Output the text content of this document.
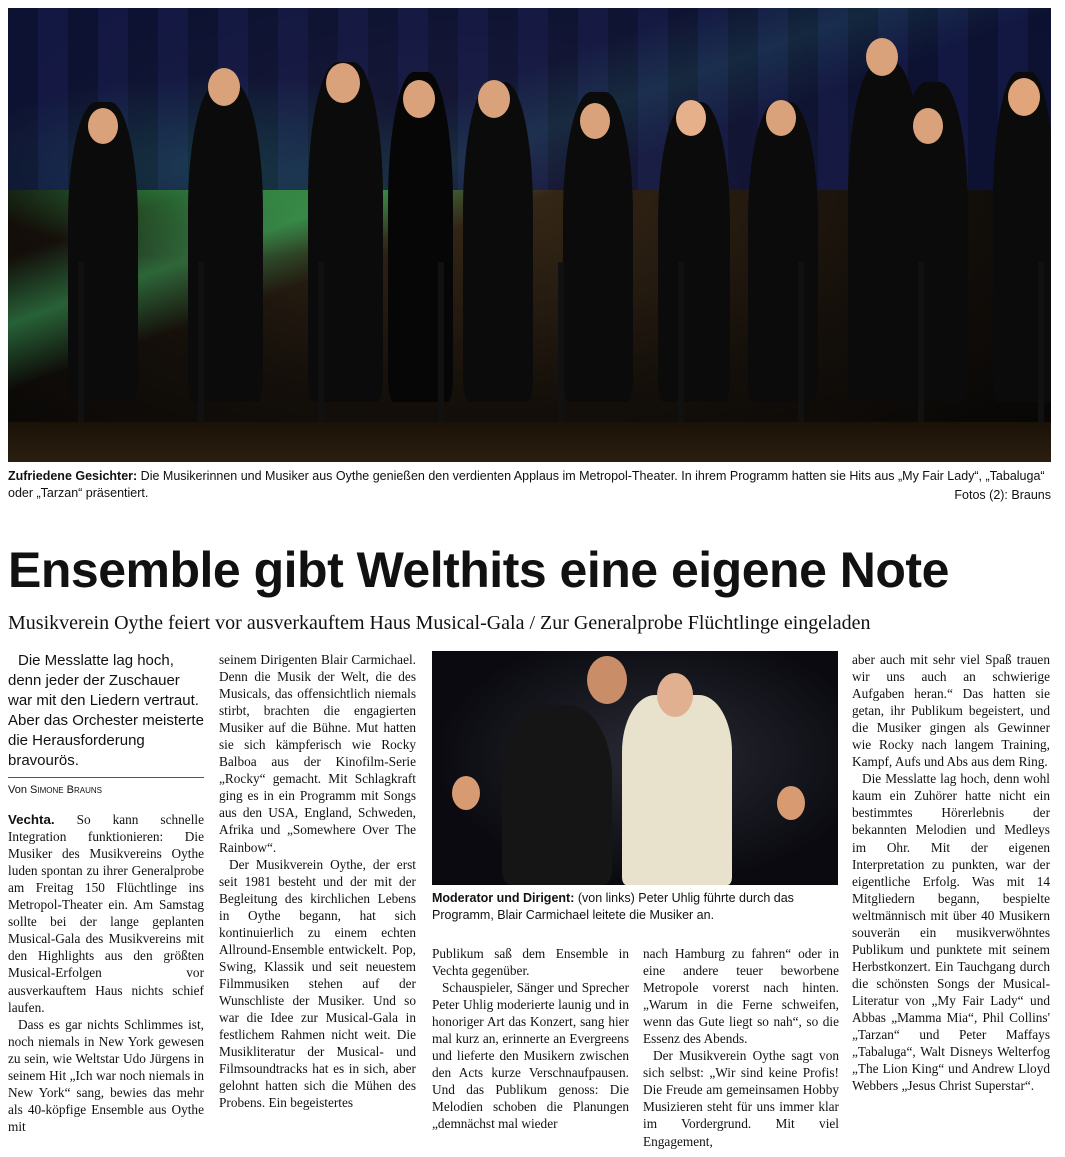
Zufriedene Gesichter: Die Musikerinnen und Musiker aus Oythe genießen den verdienten Applaus im Metropol-Theater. In ihrem Programm hatten sie Hits aus „My Fair Lady“, „Tabaluga“ oder „Tarzan“ präsentiert.	Fotos (2): Brauns
Ensemble gibt Welthits eine eigene Note
Musikverein Oythe feiert vor ausverkauftem Haus Musical-Gala / Zur Generalprobe Flüchtlinge eingeladen

Die Messlatte lag hoch, denn jeder der Zuschauer war mit den Liedern vertraut. Aber das Orchester meisterte die Herausforderung bravourös.

Von Simone Brauns

Vechta. So kann schnelle Integration funktionieren: Die Musiker des Musikvereins Oythe luden spontan zu ihrer Generalprobe am Freitag 150 Flüchtlinge ins Metropol-Theater ein. Am Samstag sollte bei der lange geplanten Musical-Gala des Musikvereins mit den Highlights aus den größten Musical-Erfolgen vor ausverkauftem Haus nichts schief laufen.

Dass es gar nichts Schlimmes ist, noch niemals in New York gewesen zu sein, wie Weltstar Udo Jürgens in seinem Hit „Ich war noch niemals in New York“ sang, bewies das mehr als 40-köpfige Ensemble aus Oythe mit

seinem Dirigenten Blair Carmichael. Denn die Musik der Welt, die des Musicals, das offensichtlich niemals stirbt, brachten die engagierten Musiker auf die Bühne. Mut hatten sie sich kämpferisch wie Rocky Balboa aus der Kinofilm-Serie „Rocky“ gemacht. Mit Schlagkraft ging es in ein Programm mit Songs aus den USA, England, Schweden, Afrika und „Somewhere Over The Rainbow“.

Der Musikverein Oythe, der erst seit 1981 besteht und der mit der Begleitung des kirchlichen Lebens in Oythe begann, hat sich kontinuierlich zu einem echten Allround-Ensemble entwickelt. Pop, Swing, Klassik und seit neuestem Filmmusiken stehen auf der Wunschliste der Musiker. Und so war die Idee zur Musical-Gala in festlichem Rahmen nicht weit. Die Musikliteratur der Musical- und Filmsoundtracks hat es in sich, aber gelohnt hatten sich die Mühen des Probens. Ein begeistertes

Moderator und Dirigent: (von links) Peter Uhlig führte durch das Programm, Blair Carmichael leitete die Musiker an.

Publikum saß dem Ensemble in Vechta gegenüber.

Schauspieler, Sänger und Sprecher Peter Uhlig moderierte launig und in honoriger Art das Konzert, sang hier mal kurz an, erinnerte an Evergreens und lieferte den Musikern zwischen den Acts kurze Verschnaufpausen. Und das Publikum genoss: Die Melodien schoben die Planungen „demnächst mal wieder

nach Hamburg zu fahren“ oder in eine andere teuer beworbene Metropole vorerst nach hinten. „Warum in die Ferne schweifen, wenn das Gute liegt so nah“, so die Essenz des Abends.

Der Musikverein Oythe sagt von sich selbst: „Wir sind keine Profis! Die Freude am gemeinsamen Hobby Musizieren steht für uns immer klar im Vordergrund. Mit viel Engagement,

aber auch mit sehr viel Spaß trauen wir uns auch an schwierige Aufgaben heran.“ Das hatten sie getan, ihr Publikum begeistert, und die Musiker gingen als Gewinner wie Rocky nach langem Training, Kampf, Aufs und Abs aus dem Ring.

Die Messlatte lag hoch, denn wohl kaum ein Zuhörer hatte nicht ein bestimmtes Hörerlebnis der bekannten Melodien und Medleys im Ohr. Mit der eigenen Interpretation zu punkten, war der eigentliche Erfolg. Was mit 14 Mitgliedern begann, bespielte weltmännisch mit über 40 Musikern souverän ein musikverwöhntes Publikum und punktete mit seinem Herbstkonzert. Ein Tauchgang durch die schönsten Songs der Musical-Literatur von „My Fair Lady“ und Abbas „Mamma Mia“, Phil Collins' „Tarzan“ und Peter Maffays „Tabaluga“, Walt Disneys Welterfog „The Lion King“ und Andrew Lloyd Webbers „Jesus Christ Superstar“.
